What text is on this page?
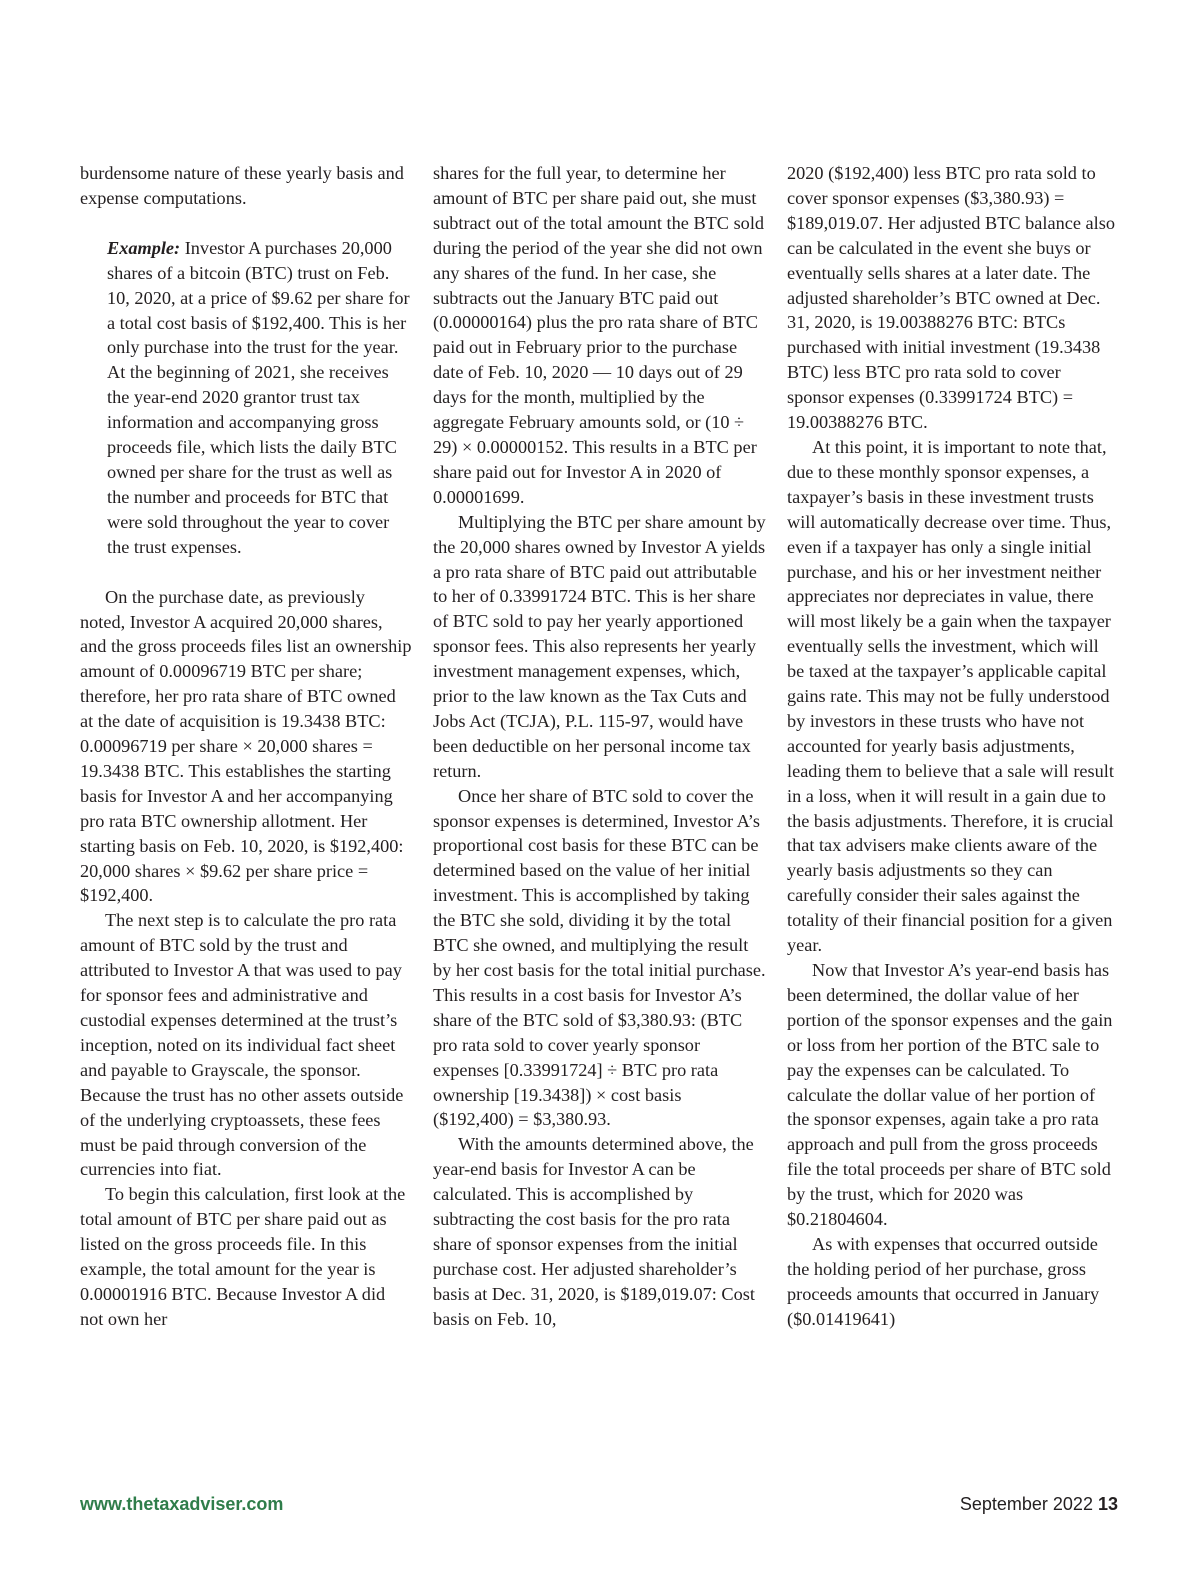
burdensome nature of these yearly basis and expense computations.

Example: Investor A purchases 20,000 shares of a bitcoin (BTC) trust on Feb. 10, 2020, at a price of $9.62 per share for a total cost basis of $192,400. This is her only purchase into the trust for the year. At the beginning of 2021, she receives the year-end 2020 grantor trust tax information and accompanying gross proceeds file, which lists the daily BTC owned per share for the trust as well as the number and proceeds for BTC that were sold throughout the year to cover the trust expenses.

On the purchase date, as previously noted, Investor A acquired 20,000 shares, and the gross proceeds files list an ownership amount of 0.00096719 BTC per share; therefore, her pro rata share of BTC owned at the date of acquisition is 19.3438 BTC: 0.00096719 per share × 20,000 shares = 19.3438 BTC. This establishes the starting basis for Investor A and her accompanying pro rata BTC ownership allotment. Her starting basis on Feb. 10, 2020, is $192,400: 20,000 shares × $9.62 per share price = $192,400.

The next step is to calculate the pro rata amount of BTC sold by the trust and attributed to Investor A that was used to pay for sponsor fees and administrative and custodial expenses determined at the trust’s inception, noted on its individual fact sheet and payable to Grayscale, the sponsor. Because the trust has no other assets outside of the underlying cryptoassets, these fees must be paid through conversion of the currencies into fiat.

To begin this calculation, first look at the total amount of BTC per share paid out as listed on the gross proceeds file. In this example, the total amount for the year is 0.00001916 BTC. Because Investor A did not own her

shares for the full year, to determine her amount of BTC per share paid out, she must subtract out of the total amount the BTC sold during the period of the year she did not own any shares of the fund. In her case, she subtracts out the January BTC paid out (0.00000164) plus the pro rata share of BTC paid out in February prior to the purchase date of Feb. 10, 2020 — 10 days out of 29 days for the month, multiplied by the aggregate February amounts sold, or (10 ÷ 29) × 0.00000152. This results in a BTC per share paid out for Investor A in 2020 of 0.00001699.

Multiplying the BTC per share amount by the 20,000 shares owned by Investor A yields a pro rata share of BTC paid out attributable to her of 0.33991724 BTC. This is her share of BTC sold to pay her yearly apportioned sponsor fees. This also represents her yearly investment management expenses, which, prior to the law known as the Tax Cuts and Jobs Act (TCJA), P.L. 115-97, would have been deductible on her personal income tax return.

Once her share of BTC sold to cover the sponsor expenses is determined, Investor A’s proportional cost basis for these BTC can be determined based on the value of her initial investment. This is accomplished by taking the BTC she sold, dividing it by the total BTC she owned, and multiplying the result by her cost basis for the total initial purchase. This results in a cost basis for Investor A’s share of the BTC sold of $3,380.93: (BTC pro rata sold to cover yearly sponsor expenses [0.33991724] ÷ BTC pro rata ownership [19.3438]) × cost basis ($192,400) = $3,380.93.

With the amounts determined above, the year-end basis for Investor A can be calculated. This is accomplished by subtracting the cost basis for the pro rata share of sponsor expenses from the initial purchase cost. Her adjusted shareholder’s basis at Dec. 31, 2020, is $189,019.07: Cost basis on Feb. 10,

2020 ($192,400) less BTC pro rata sold to cover sponsor expenses ($3,380.93) = $189,019.07. Her adjusted BTC balance also can be calculated in the event she buys or eventually sells shares at a later date. The adjusted shareholder’s BTC owned at Dec. 31, 2020, is 19.00388276 BTC: BTCs purchased with initial investment (19.3438 BTC) less BTC pro rata sold to cover sponsor expenses (0.33991724 BTC) = 19.00388276 BTC.

At this point, it is important to note that, due to these monthly sponsor expenses, a taxpayer’s basis in these investment trusts will automatically decrease over time. Thus, even if a taxpayer has only a single initial purchase, and his or her investment neither appreciates nor depreciates in value, there will most likely be a gain when the taxpayer eventually sells the investment, which will be taxed at the taxpayer’s applicable capital gains rate. This may not be fully understood by investors in these trusts who have not accounted for yearly basis adjustments, leading them to believe that a sale will result in a loss, when it will result in a gain due to the basis adjustments. Therefore, it is crucial that tax advisers make clients aware of the yearly basis adjustments so they can carefully consider their sales against the totality of their financial position for a given year.

Now that Investor A’s year-end basis has been determined, the dollar value of her portion of the sponsor expenses and the gain or loss from her portion of the BTC sale to pay the expenses can be calculated. To calculate the dollar value of her portion of the sponsor expenses, again take a pro rata approach and pull from the gross proceeds file the total proceeds per share of BTC sold by the trust, which for 2020 was $0.21804604.

As with expenses that occurred outside the holding period of her purchase, gross proceeds amounts that occurred in January ($0.01419641)

www.thetaxadviser.com	September 2022 13
